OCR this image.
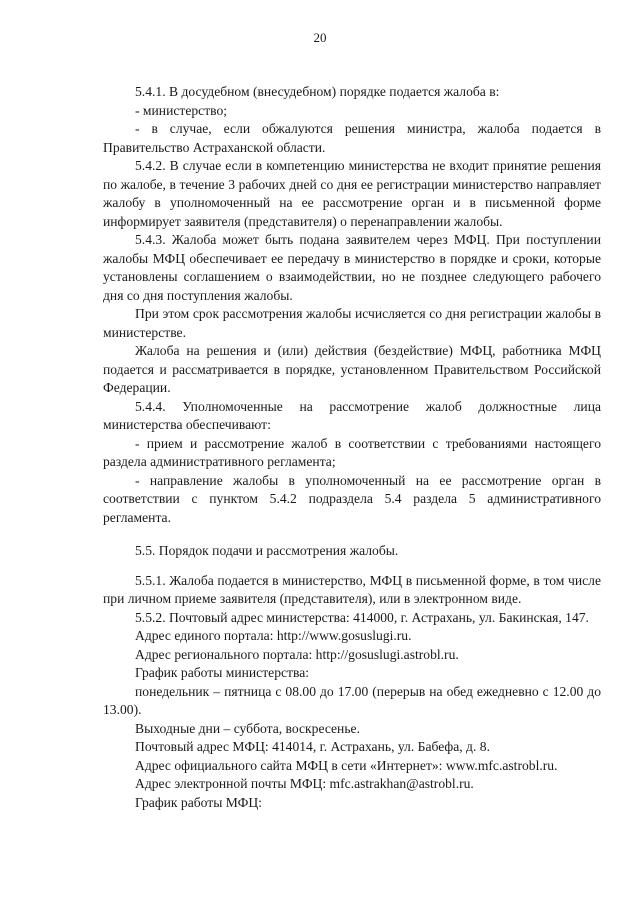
20

5.4.1. В досудебном (внесудебном) порядке подается жалоба в:

- министерство;

- в случае, если обжалуются решения министра, жалоба подается в Правительство Астраханской области.

5.4.2. В случае если в компетенцию министерства не входит принятие решения по жалобе, в течение 3 рабочих дней со дня ее регистрации министерство направляет жалобу в уполномоченный на ее рассмотрение орган и в письменной форме информирует заявителя (представителя) о перенаправлении жалобы.

5.4.3. Жалоба может быть подана заявителем через МФЦ. При поступлении жалобы МФЦ обеспечивает ее передачу в министерство в порядке и сроки, которые установлены соглашением о взаимодействии, но не позднее следующего рабочего дня со дня поступления жалобы.

При этом срок рассмотрения жалобы исчисляется со дня регистрации жалобы в министерстве.

Жалоба на решения и (или) действия (бездействие) МФЦ, работника МФЦ подается и рассматривается в порядке, установленном Правительством Российской Федерации.

5.4.4. Уполномоченные на рассмотрение жалоб должностные лица министерства обеспечивают:

- прием и рассмотрение жалоб в соответствии с требованиями настоящего раздела административного регламента;

- направление жалобы в уполномоченный на ее рассмотрение орган в соответствии с пунктом 5.4.2 подраздела 5.4 раздела 5 административного регламента.

5.5. Порядок подачи и рассмотрения жалобы.

5.5.1. Жалоба подается в министерство, МФЦ в письменной форме, в том числе при личном приеме заявителя (представителя), или в электронном виде.

5.5.2. Почтовый адрес министерства: 414000, г. Астрахань, ул. Бакинская, 147.

Адрес единого портала: http://www.gosuslugi.ru.

Адрес регионального портала: http://gosuslugi.astrobl.ru.

График работы министерства:

понедельник – пятница с 08.00 до 17.00 (перерыв на обед ежедневно с 12.00 до 13.00).

Выходные дни – суббота, воскресенье.

Почтовый адрес МФЦ: 414014, г. Астрахань, ул. Бабефа, д. 8.

Адрес официального сайта МФЦ в сети «Интернет»: www.mfc.astrobl.ru.

Адрес электронной почты МФЦ: mfc.astrakhan@astrobl.ru.

График работы МФЦ:
